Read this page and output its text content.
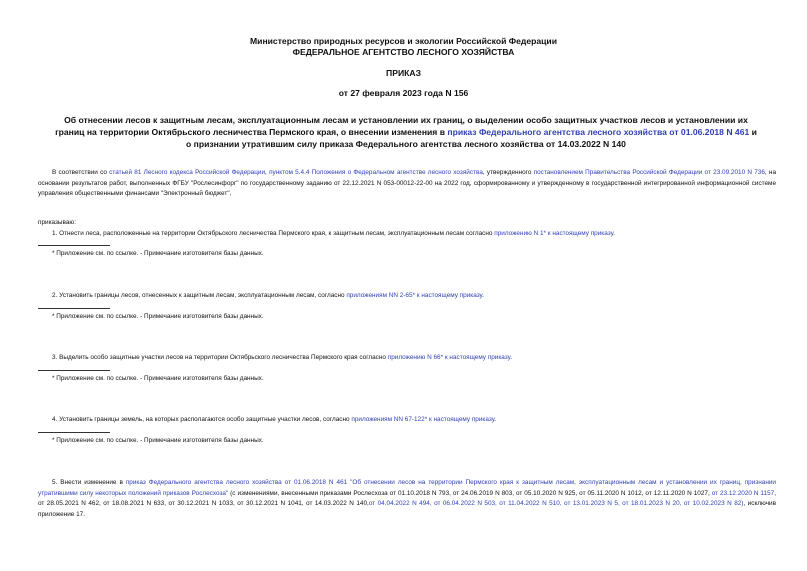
Министерство природных ресурсов и экологии Российской Федерации
ФЕДЕРАЛЬНОЕ АГЕНТСТВО ЛЕСНОГО ХОЗЯЙСТВА
ПРИКАЗ
от 27 февраля 2023 года N 156
Об отнесении лесов к защитным лесам, эксплуатационным лесам и установлении их границ, о выделении особо защитных участков лесов и установлении их границ на территории Октябрьского лесничества Пермского края, о внесении изменения в приказ Федерального агентства лесного хозяйства от 01.06.2018 N 461 и о признании утратившим силу приказа Федерального агентства лесного хозяйства от 14.03.2022 N 140
В соответствии со статьей 81 Лесного кодекса Российской Федерации, пунктом 5.4.4 Положения о Федеральном агентстве лесного хозяйства, утвержденного постановлением Правительства Российской Федерации от 23.09.2010 N 736, на основании результатов работ, выполненных ФГБУ "Рослесинфорг" по государственному заданию от 22.12.2021 N 053-00012-22-00 на 2022 год, сформированному и утвержденному в государственной интегрированной информационной системе управления общественными финансами "Электронный бюджет",
приказываю:
1. Отнести леса, расположенные на территории Октябрьского лесничества Пермского края, к защитным лесам, эксплуатационным лесам согласно приложению N 1* к настоящему приказу.
* Приложение см. по ссылке. - Примечание изготовителя базы данных.
2. Установить границы лесов, отнесенных к защитным лесам, эксплуатационным лесам, согласно приложениям NN 2-65* к настоящему приказу.
* Приложение см. по ссылке. - Примечание изготовителя базы данных.
3. Выделить особо защитные участки лесов на территории Октябрьского лесничества Пермского края согласно приложению N 66* к настоящему приказу.
* Приложение см. по ссылке. - Примечание изготовителя базы данных.
4. Установить границы земель, на которых располагаются особо защитные участки лесов, согласно приложениям NN 67-122* к настоящему приказу.
* Приложение см. по ссылке. - Примечание изготовителя базы данных.
5. Внести изменение в приказ Федерального агентства лесного хозяйства от 01.06.2018 N 461 "Об отнесении лесов на территории Пермского края к защитным лесам, эксплуатационным лесам и установлении их границ, признании утратившими силу некоторых положений приказов Рослесхоза" (с изменениями, внесенными приказами Рослесхоза от 01.10.2018 N 793, от 24.06.2019 N 803, от 05.10.2020 N 925, от 05.11.2020 N 1012, от 12.11.2020 N 1027, от 23.12.2020 N 1157, от 28.05.2021 N 462, от 18.08.2021 N 633, от 30.12.2021 N 1033, от 30.12.2021 N 1041, от 14.03.2022 N 140,от 04.04.2022 N 494, от 06.04.2022 N 503, от 11.04.2022 N 510, от 13.01.2023 N 5, от 18.01.2023 N 20, от 10.02.2023 N 82), исключив приложение 17.
